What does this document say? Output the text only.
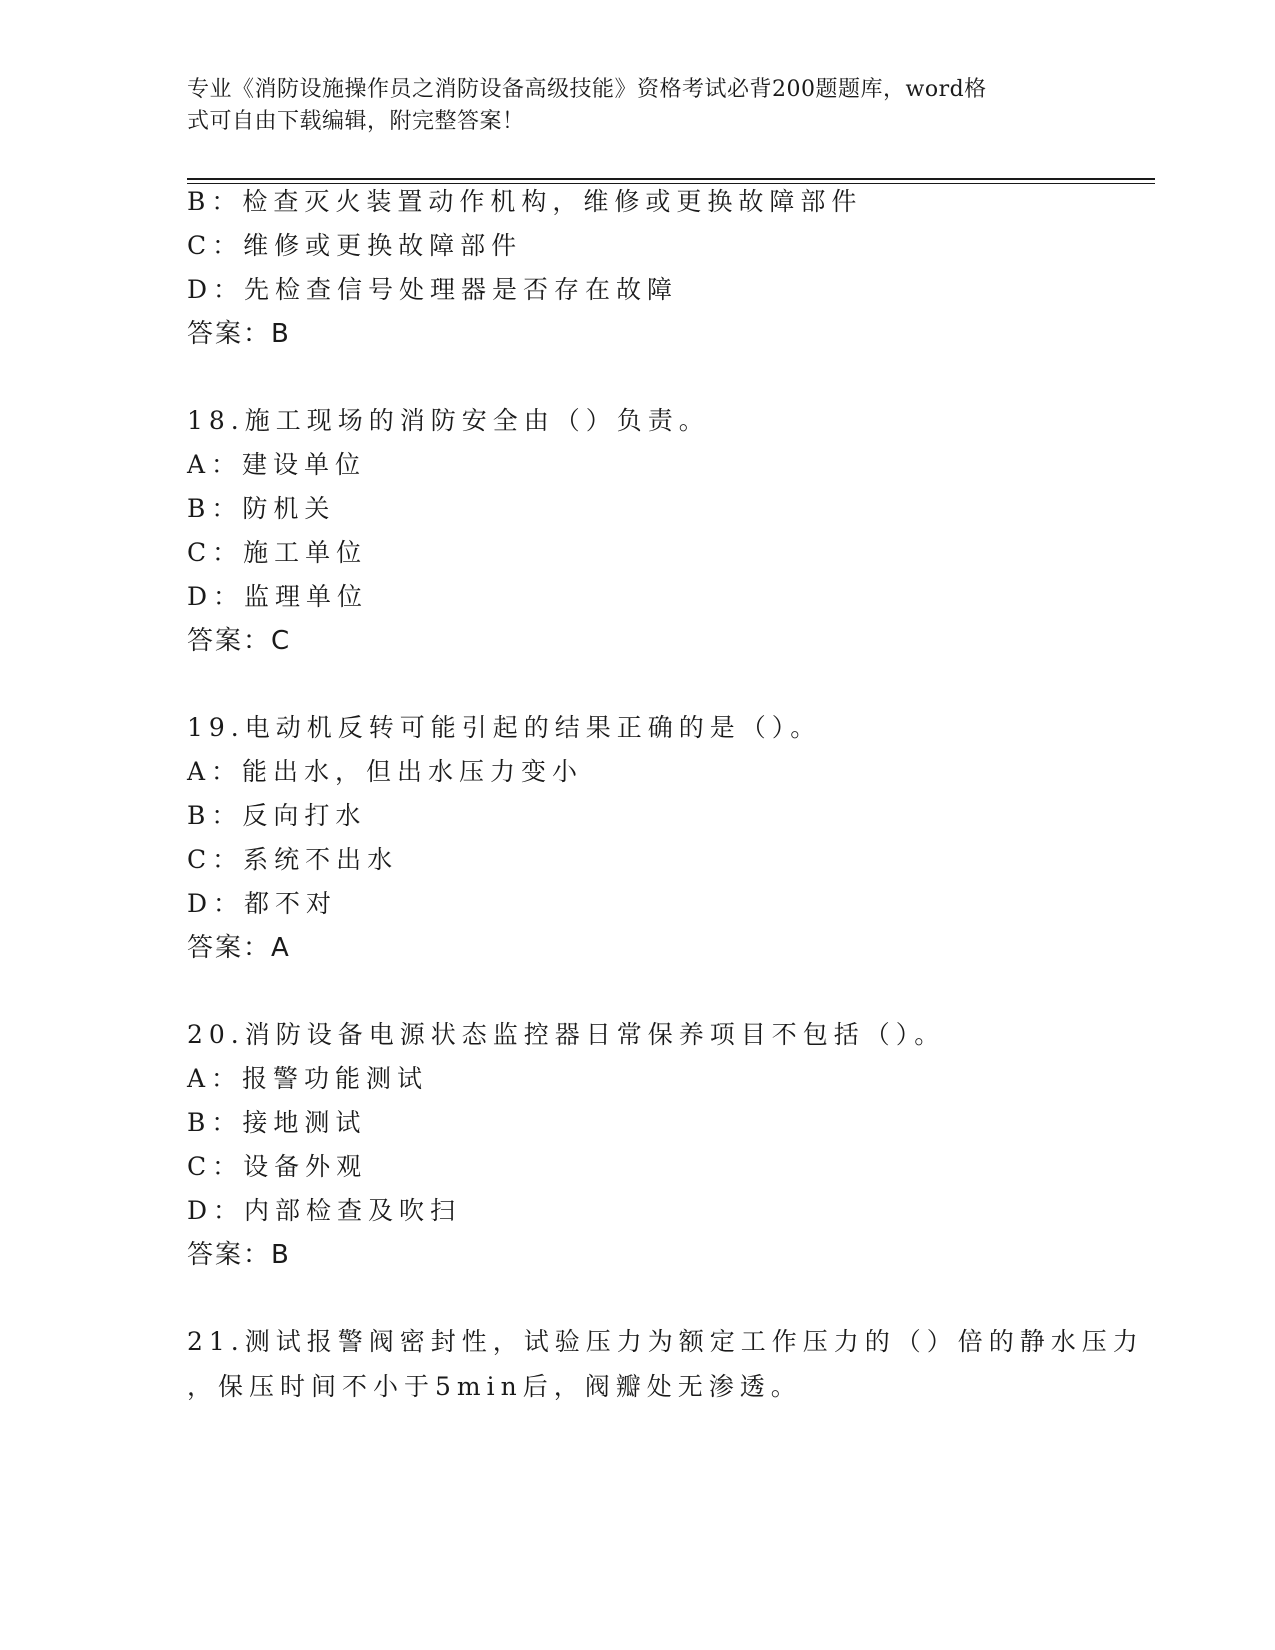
专业《消防设施操作员之消防设备高级技能》资格考试必背200题题库，word格
式可自由下载编辑，附完整答案！
B：检查灭火装置动作机构，维修或更换故障部件
C：维修或更换故障部件
D：先检查信号处理器是否存在故障
答案：B
18.施工现场的消防安全由（）负责。
A：建设单位
B：防机关
C：施工单位
D：监理单位
答案：C
19.电动机反转可能引起的结果正确的是（）。
A：能出水，但出水压力变小
B：反向打水
C：系统不出水
D：都不对
答案：A
20.消防设备电源状态监控器日常保养项目不包括（）。
A：报警功能测试
B：接地测试
C：设备外观
D：内部检查及吹扫
答案：B
21.测试报警阀密封性，试验压力为额定工作压力的（）倍的静水压力
，保压时间不小于5min后，阀瓣处无渗透。
